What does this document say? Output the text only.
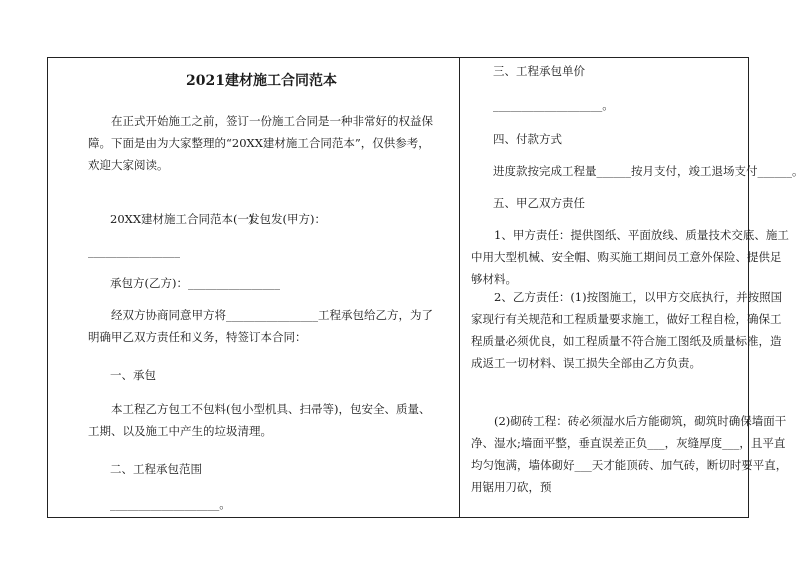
2021建材施工合同范本
在正式开始施工之前，签订一份施工合同是一种非常好的权益保障。下面是由为大家整理的“20XX建材施工合同范本”，仅供参考，欢迎大家阅读。
20XX建材施工合同范本(一)
发包发(甲方)：
________________
承包方(乙方)：________________
经双方协商同意甲方将________________工程承包给乙方，为了明确甲乙双方责任和义务，特签订本合同：
一、承包
本工程乙方包工不包料(包小型机具、扫帚等)，包安全、质量、工期、以及施工中产生的垃圾清理。
二、工程承包范围
___________________。
三、工程承包单价
___________________。
四、付款方式
进度款按完成工程量______按月支付，竣工退场支付______。
五、甲乙双方责任
1、甲方责任：提供图纸、平面放线、质量技术交底、施工中用大型机械、安全帽、购买施工期间员工意外保险、提供足够材料。
2、乙方责任：(1)按图施工，以甲方交底执行，并按照国家现行有关规范和工程质量要求施工，做好工程自检，确保工程质量必须优良，如工程质量不符合施工图纸及质量标准，造成返工一切材料、误工损失全部由乙方负责。
(2)砌砖工程：砖必须湿水后方能砌筑，砌筑时确保墙面干净、湿水;墙面平整，垂直误差正负___，灰缝厚度___，且平直均匀饱满，墙体砌好___天才能顶砖、加气砖，断切时要平直，用锯用刀砍，预
